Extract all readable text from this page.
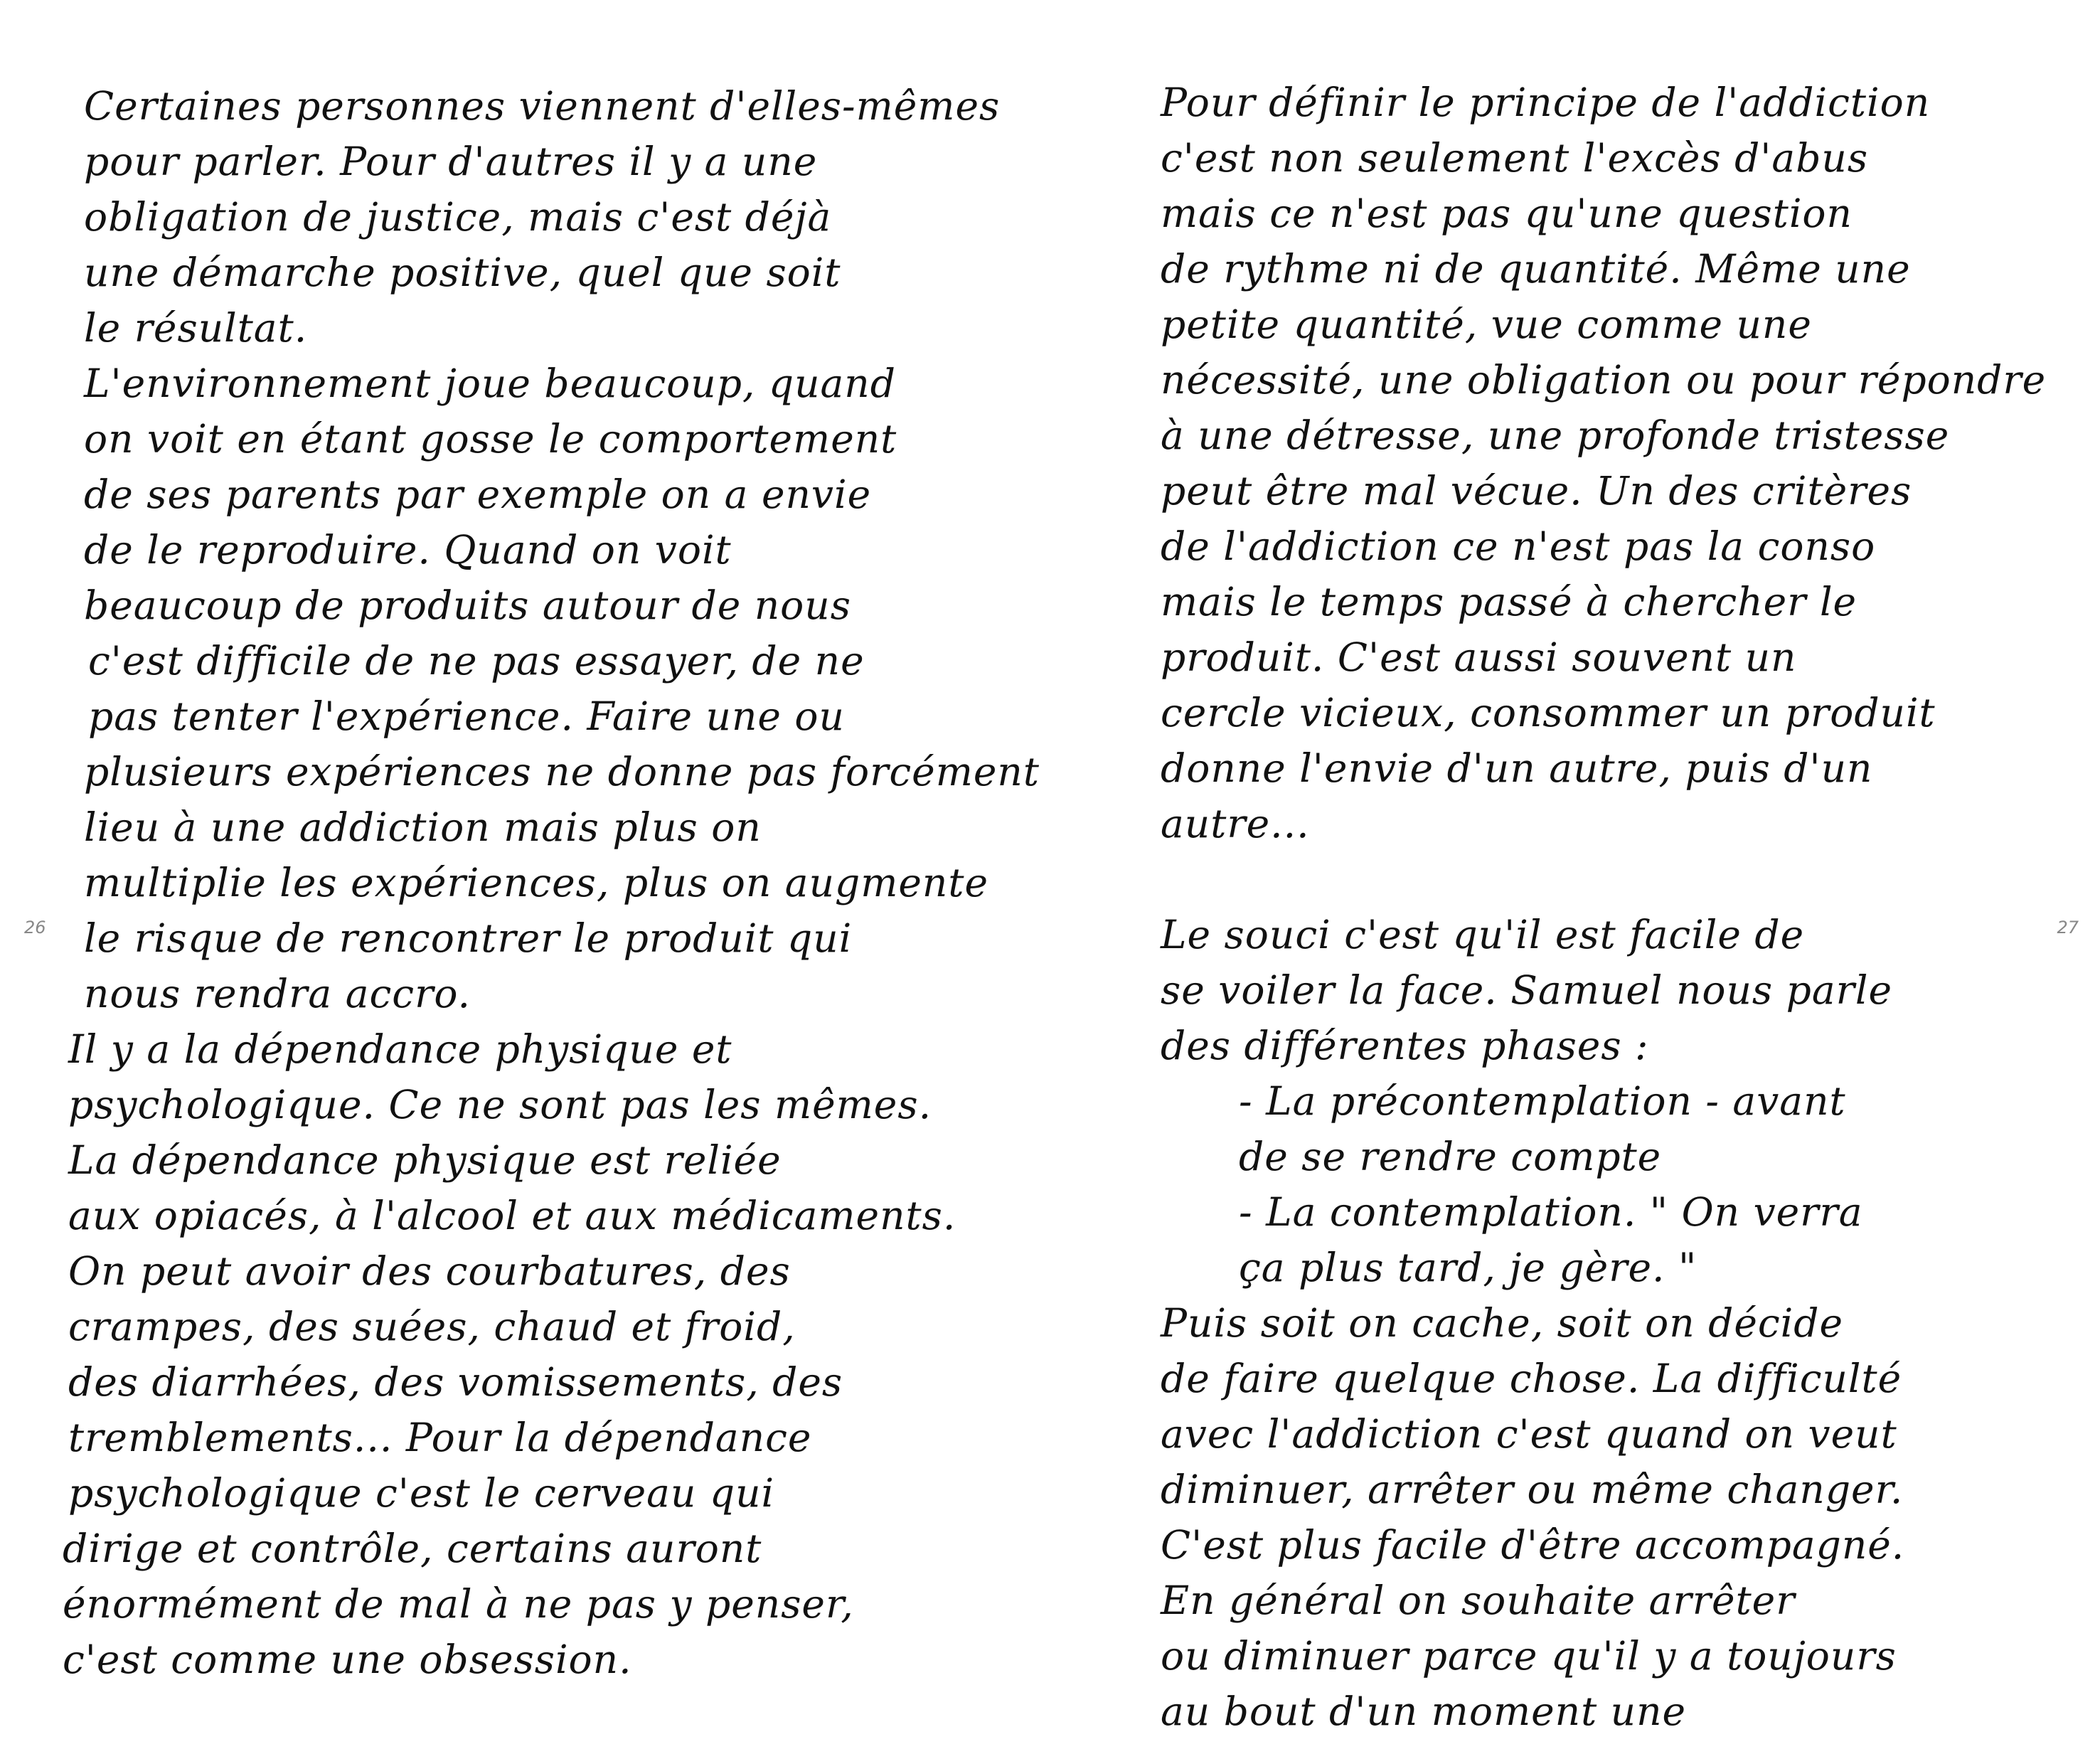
Certaines personnes viennent d'elles-mêmes
pour parler. Pour d'autres il y a une
obligation de justice, mais c'est déjà
une démarche positive, quel que soit
le résultat.
L'environnement joue beaucoup, quand
on voit en étant gosse le comportement
de ses parents par exemple on a envie
de le reproduire. Quand on voit
beaucoup de produits autour de nous
c'est difficile de ne pas essayer, de ne
pas tenter l'expérience. Faire une ou
plusieurs expériences ne donne pas forcément
lieu à une addiction mais plus on
multiplie les expériences, plus on augmente
le risque de rencontrer le produit qui
nous rendra accro.
Il y a la dépendance physique et
psychologique. Ce ne sont pas les mêmes.
La dépendance physique est reliée
aux opiacés, à l'alcool et aux médicaments.
On peut avoir des courbatures, des
crampes, des suées, chaud et froid,
des diarrhées, des vomissements, des
tremblements... Pour la dépendance
psychologique c'est le cerveau qui
dirige et contrôle, certains auront
énormément de mal à ne pas y penser,
c'est comme une obsession.
26
Pour définir le principe de l'addiction
c'est non seulement l'excès d'abus
mais ce n'est pas qu'une question
de rythme ni de quantité. Même une
petite quantité, vue comme une
nécessité, une obligation ou pour répondre
à une détresse, une profonde tristesse
peut être mal vécue. Un des critères
de l'addiction ce n'est pas la conso
mais le temps passé à chercher le
produit. C'est aussi souvent un
cercle vicieux, consommer un produit
donne l'envie d'un autre, puis d'un
autre...
Le souci c'est qu'il est facile de
se voiler la face. Samuel nous parle
des différentes phases :
- La précontemplation - avant
de se rendre compte
- La contemplation. " On verra
ça plus tard, je gère. "
Puis soit on cache, soit on décide
de faire quelque chose. La difficulté
avec l'addiction c'est quand on veut
diminuer, arrêter ou même changer.
C'est plus facile d'être accompagné.
En général on souhaite arrêter
ou diminuer parce qu'il y a toujours
au bout d'un moment une
27
